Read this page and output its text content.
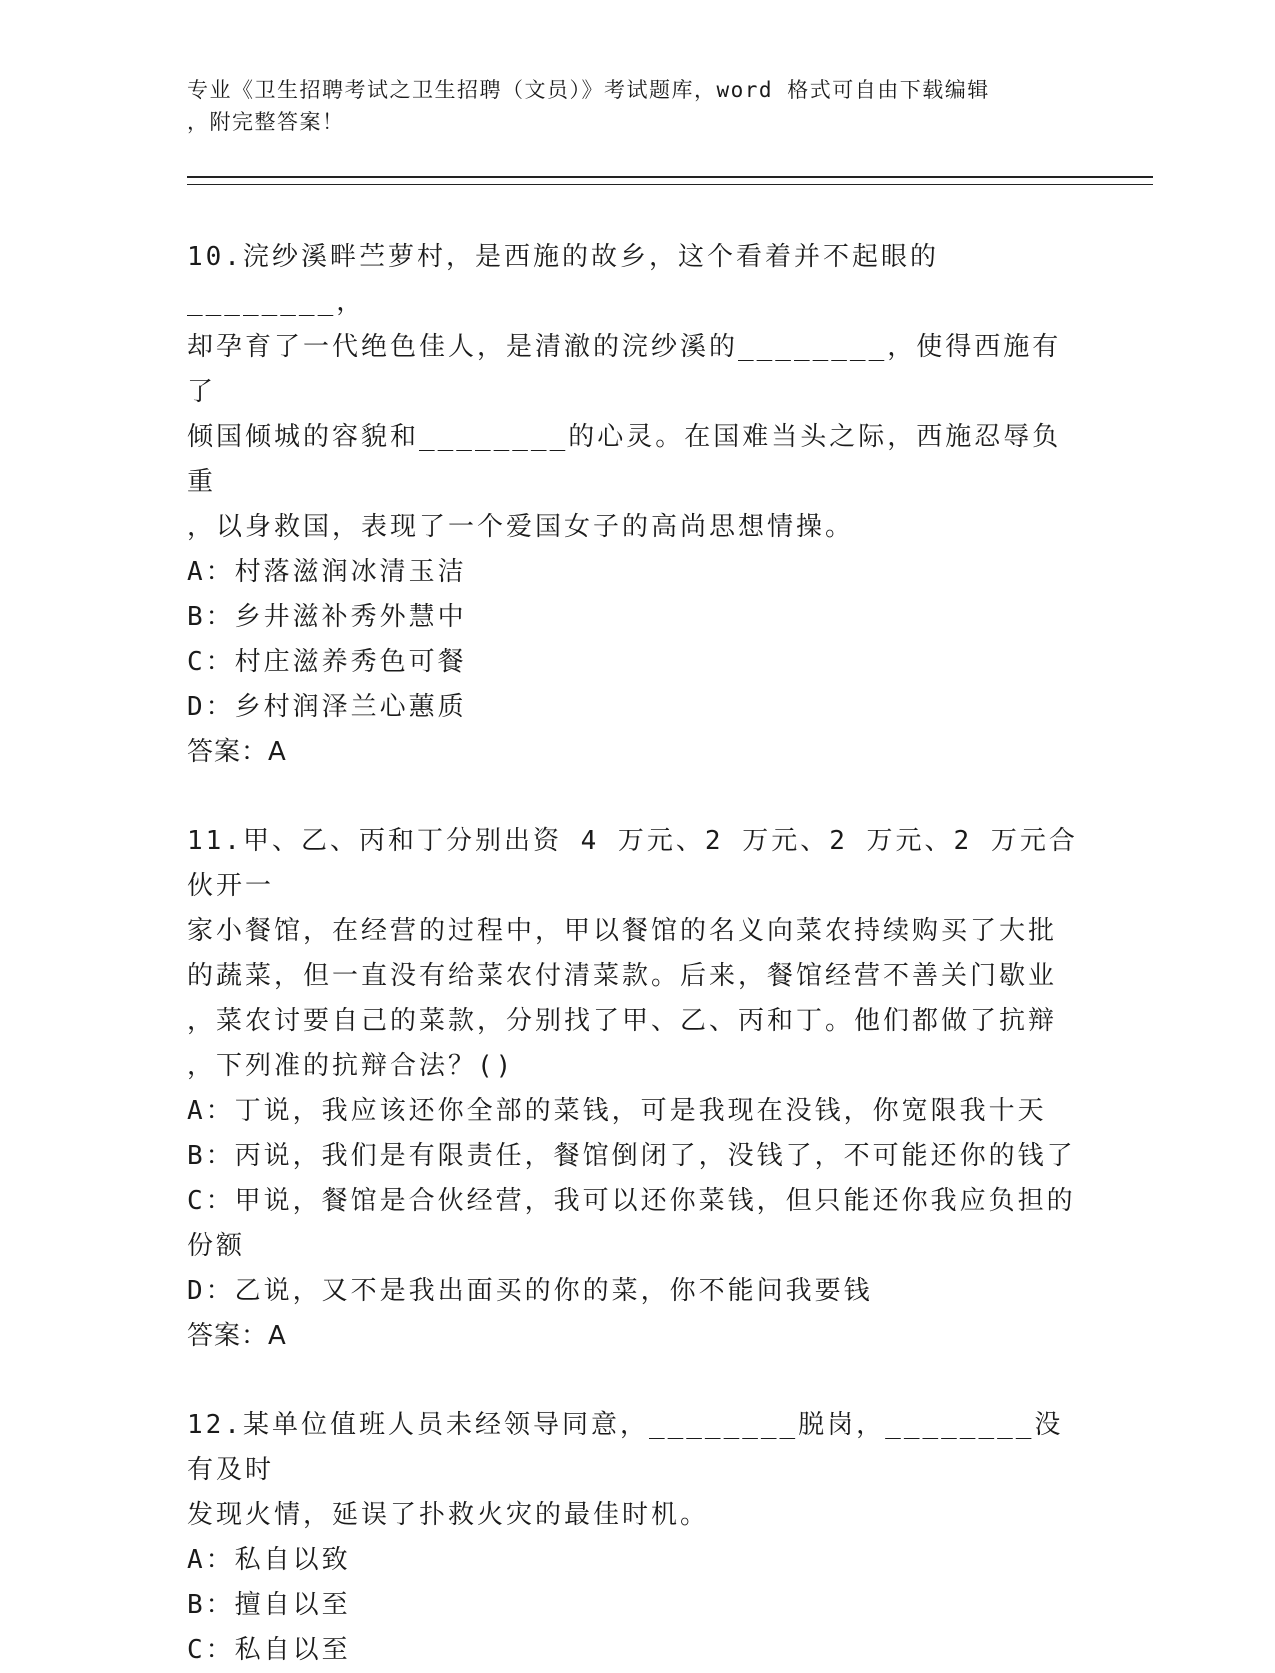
专业《卫生招聘考试之卫生招聘（文员）》考试题库，word 格式可自由下载编辑
，附完整答案！
10.浣纱溪畔苎萝村，是西施的故乡，这个看着并不起眼的________，
却孕育了一代绝色佳人，是清澈的浣纱溪的________，使得西施有了
倾国倾城的容貌和________的心灵。在国难当头之际，西施忍辱负重
，以身救国，表现了一个爱国女子的高尚思想情操。
A：村落滋润冰清玉洁
B：乡井滋补秀外慧中
C：村庄滋养秀色可餐
D：乡村润泽兰心蕙质
答案：A
11.甲、乙、丙和丁分别出资 4 万元、2 万元、2 万元、2 万元合伙开一
家小餐馆，在经营的过程中，甲以餐馆的名义向菜农持续购买了大批
的蔬菜，但一直没有给菜农付清菜款。后来，餐馆经营不善关门歇业
，菜农讨要自己的菜款，分别找了甲、乙、丙和丁。他们都做了抗辩
，下列准的抗辩合法？()
A：丁说，我应该还你全部的菜钱，可是我现在没钱，你宽限我十天
B：丙说，我们是有限责任，餐馆倒闭了，没钱了，不可能还你的钱了
C：甲说，餐馆是合伙经营，我可以还你菜钱，但只能还你我应负担的
份额
D：乙说，又不是我出面买的你的菜，你不能问我要钱
答案：A
12.某单位值班人员未经领导同意，________脱岗，________没有及时
发现火情，延误了扑救火灾的最佳时机。
A：私自以致
B：擅自以至
C：私自以至
